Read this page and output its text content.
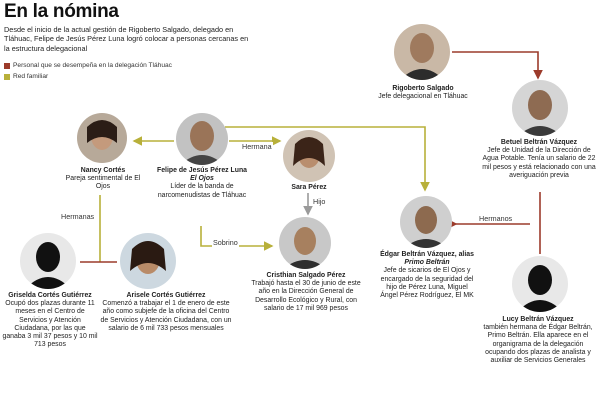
En la nómina
Desde el inicio de la actual gestión de Rigoberto Salgado, delegado en Tláhuac, Felipe de Jesús Pérez Luna logró colocar a personas cercanas en la estructura delegacional
Personal que se desempeña en la delegación Tláhuac
Red familiar
Hermana
Hijo
Hermanas
Sobrino
Hermanos
Rigoberto Salgado
Jefe delegacional en Tláhuac
Betuel Beltrán Vázquez
Jefe de Unidad de la Dirección de Agua Potable. Tenía un salario de 22 mil pesos y está relacionado con una averiguación previa
Nancy Cortés
Pareja sentimental de El Ojos
Felipe de Jesús Pérez Luna
El Ojos
Líder de la banda de narcomenudistas de Tláhuac
Sara Pérez
Cristhian Salgado Pérez
Trabajó hasta el 30 de junio de este año en la Dirección General de Desarrollo Ecológico y Rural, con salario de 17 mil 969 pesos
Édgar Beltrán Vázquez, alias
Primo Beltrán
Jefe de sicarios de El Ojos y encargado de la seguridad del hijo de Pérez Luna, Miguel Ángel Pérez Rodríguez, El MK
Griselda Cortés Gutiérrez
Ocupó dos plazas durante 11 meses en el Centro de Servicios y Atención Ciudadana, por las que ganaba 3 mil 37 pesos y 10 mil 713 pesos
Arisele Cortés Gutiérrez
Comenzó a trabajar el 1 de enero de este año como subjefe de la oficina del Centro de Servicios y Atención Ciudadana, con un salario de 6 mil 733 pesos mensuales
Lucy Beltrán Vázquez
también hermana de Édgar Beltrán, Primo Beltrán. Ella aparece en el organigrama de la delegación ocupando dos plazas de analista y auxiliar de Servicios Generales
